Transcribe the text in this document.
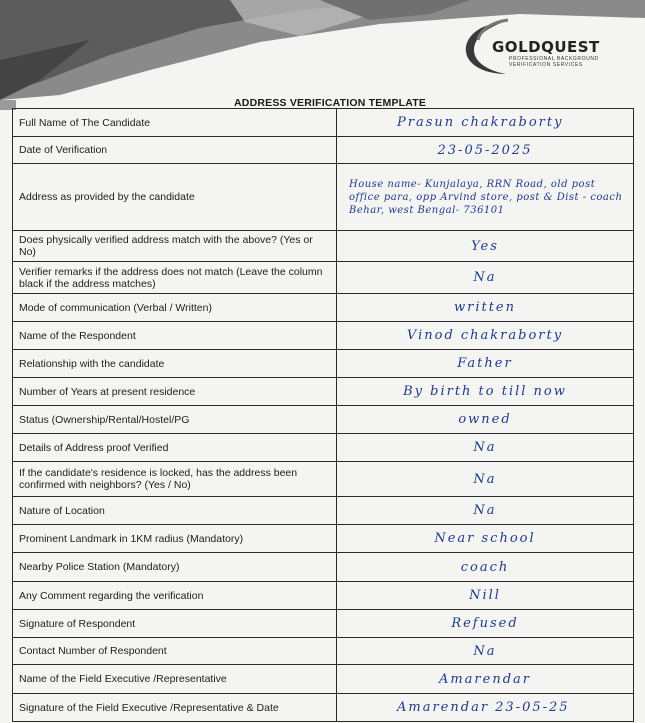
GOLDQUEST
PROFESSIONAL BACKGROUND VERIFICATION SERVICES
ADDRESS VERIFICATION TEMPLATE
Full Name of The Candidate	Prasun chakraborty
Date of Verification	23-05-2025
Address as provided by the candidate	House name- Kunjalaya, RRN Road, old post office para, opp Arvind store, post & Dist - coach Behar, west Bengal- 736101
Does physically verified address match with the above? (Yes or No)	Yes
Verifier remarks if the address does not match (Leave the column black if the address matches)	Na
Mode of communication (Verbal / Written)	written
Name of the Respondent	Vinod chakraborty
Relationship with the candidate	Father
Number of Years at present residence	By birth to till now
Status (Ownership/Rental/Hostel/PG	owned
Details of Address proof Verified	Na
If the candidate's residence is locked, has the address been confirmed with neighbors? (Yes / No)	Na
Nature of Location	Na
Prominent Landmark in 1KM radius (Mandatory)	Near school
Nearby Police Station (Mandatory)	coach
Any Comment regarding the verification	Nill
Signature of Respondent	Refused
Contact Number of Respondent	Na
Name of the Field Executive /Representative	Amarendar
Signature of the Field Executive /Representative & Date	Amarendar 23-05-25
